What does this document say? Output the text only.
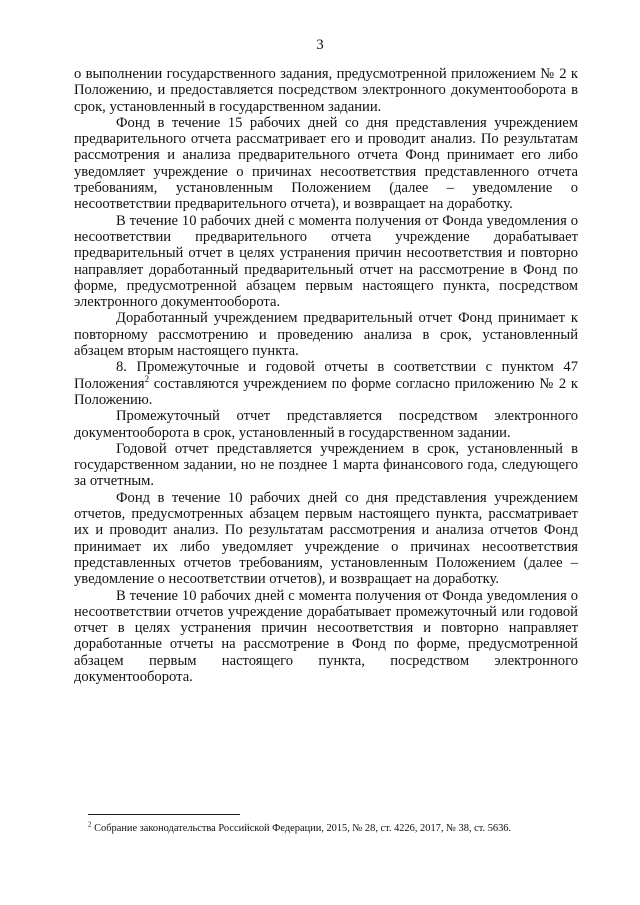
3

о выполнении государственного задания, предусмотренной приложением № 2 к Положению, и предоставляется посредством электронного документооборота в срок, установленный в государственном задании.

Фонд в течение 15 рабочих дней со дня представления учреждением предварительного отчета рассматривает его и проводит анализ. По результатам рассмотрения и анализа предварительного отчета Фонд принимает его либо уведомляет учреждение о причинах несоответствия представленного отчета требованиям, установленным Положением (далее – уведомление о несоответствии предварительного отчета), и возвращает на доработку.

В течение 10 рабочих дней с момента получения от Фонда уведомления о несоответствии предварительного отчета учреждение дорабатывает предварительный отчет в целях устранения причин несоответствия и повторно направляет доработанный предварительный отчет на рассмотрение в Фонд по форме, предусмотренной абзацем первым настоящего пункта, посредством электронного документооборота.

Доработанный учреждением предварительный отчет Фонд принимает к повторному рассмотрению и проведению анализа в срок, установленный абзацем вторым настоящего пункта.

8. Промежуточные и годовой отчеты в соответствии с пунктом 47 Положения$^2$ составляются учреждением по форме согласно приложению № 2 к Положению.

Промежуточный отчет представляется посредством электронного документооборота в срок, установленный в государственном задании.

Годовой отчет представляется учреждением в срок, установленный в государственном задании, но не позднее 1 марта финансового года, следующего за отчетным.

Фонд в течение 10 рабочих дней со дня представления учреждением отчетов, предусмотренных абзацем первым настоящего пункта, рассматривает их и проводит анализ. По результатам рассмотрения и анализа отчетов Фонд принимает их либо уведомляет учреждение о причинах несоответствия представленных отчетов требованиям, установленным Положением (далее – уведомление о несоответствии отчетов), и возвращает на доработку.

В течение 10 рабочих дней с момента получения от Фонда уведомления о несоответствии отчетов учреждение дорабатывает промежуточный или годовой отчет в целях устранения причин несоответствия и повторно направляет доработанные отчеты на рассмотрение в Фонд по форме, предусмотренной абзацем первым настоящего пункта, посредством электронного документооборота.

$^2$ Собрание законодательства Российской Федерации, 2015, № 28, ст. 4226, 2017, № 38, ст. 5636.
